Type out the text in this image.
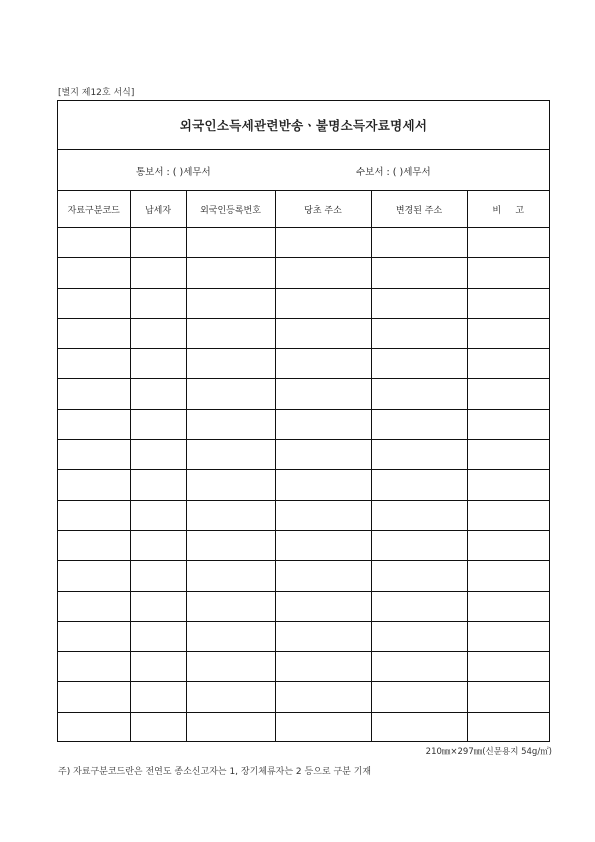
[별지 제12호 서식]
외국인소득세관련반송ㆍ불명소득자료명세서
통보서 : ( )세무서	수보서 : ( )세무서
자료구분코드	납세자	외국인등록번호	당초 주소	변경된 주소	비     고

210㎜×297㎜(신문용지 54g/㎡)
주) 자료구분코드란은 전연도 종소신고자는 1, 장기체류자는 2 등으로 구분 기재
